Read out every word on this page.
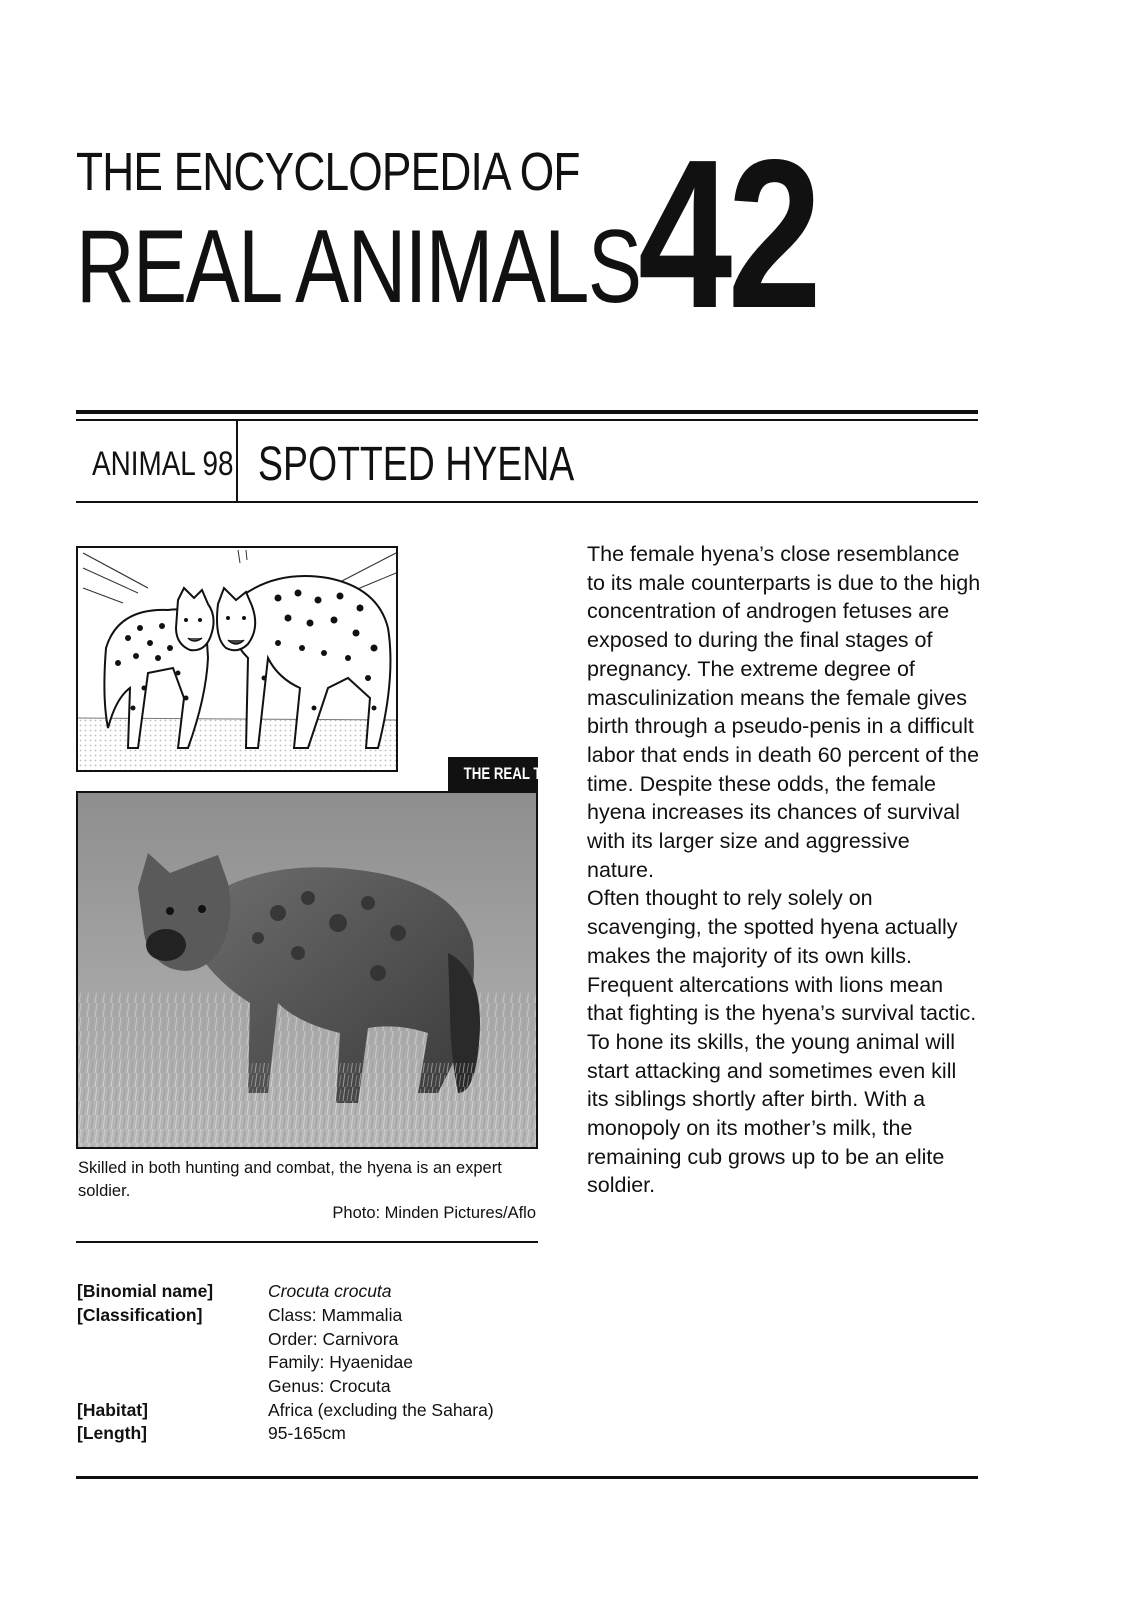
THE ENCYCLOPEDIA OF
REAL ANIMALS
42
ANIMAL 98 SPOTTED HYENA
THE REAL THING
Skilled in both hunting and combat, the hyena is an expert soldier.
Photo: Minden Pictures/Aflo

The female hyena’s close resemblance to its male counterparts is due to the high concentration of androgen fetuses are exposed to during the final stages of pregnancy. The extreme degree of masculinization means the female gives birth through a pseudo-penis in a difficult labor that ends in death 60 percent of the time. Despite these odds, the female hyena increases its chances of survival with its larger size and aggressive nature.

Often thought to rely solely on scavenging, the spotted hyena actually makes the majority of its own kills. Frequent altercations with lions mean that fighting is the hyena’s survival tactic. To hone its skills, the young animal will start attacking and sometimes even kill its siblings shortly after birth. With a monopoly on its mother’s milk, the remaining cub grows up to be an elite soldier.

[Binomial name]	Crocuta crocuta
[Classification]	Class: Mammalia
Order: Carnivora
Family: Hyaenidae
Genus: Crocuta
[Habitat]	Africa (excluding the Sahara)
[Length]	95-165cm
